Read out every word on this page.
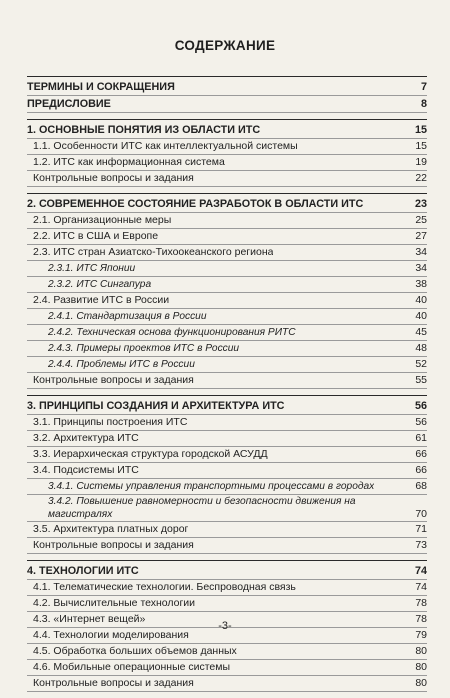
СОДЕРЖАНИЕ
ТЕРМИНЫ И СОКРАЩЕНИЯ	7
ПРЕДИСЛОВИЕ	8
1. ОСНОВНЫЕ ПОНЯТИЯ ИЗ ОБЛАСТИ ИТС	15
1.1. Особенности ИТС как интеллектуальной системы	15
1.2. ИТС как информационная система	19
Контрольные вопросы и задания	22
2. СОВРЕМЕННОЕ СОСТОЯНИЕ РАЗРАБОТОК В ОБЛАСТИ ИТС	23
2.1. Организационные меры	25
2.2. ИТС в США и Европе	27
2.3. ИТС стран Азиатско-Тихоокеанского региона	34
2.3.1. ИТС Японии	34
2.3.2. ИТС Сингапура	38
2.4. Развитие ИТС в России	40
2.4.1. Стандартизация в России	40
2.4.2. Техническая основа функционирования РИТС	45
2.4.3. Примеры проектов ИТС в России	48
2.4.4. Проблемы ИТС в России	52
Контрольные вопросы и задания	55
3. ПРИНЦИПЫ СОЗДАНИЯ И АРХИТЕКТУРА ИТС	56
3.1. Принципы построения ИТС	56
3.2. Архитектура ИТС	61
3.3. Иерархическая структура городской АСУДД	66
3.4. Подсистемы ИТС	66
3.4.1. Системы управления транспортными процессами в городах	68
3.4.2. Повышение равномерности и безопасности движения на магистралях	70
3.5. Архитектура платных дорог	71
Контрольные вопросы и задания	73
4. ТЕХНОЛОГИИ ИТС	74
4.1. Телематические технологии. Беспроводная связь	74
4.2. Вычислительные технологии	78
4.3. «Интернет вещей»	78
4.4. Технологии моделирования	79
4.5. Обработка больших объемов данных	80
4.6. Мобильные операционные системы	80
Контрольные вопросы и задания	80
-3-
